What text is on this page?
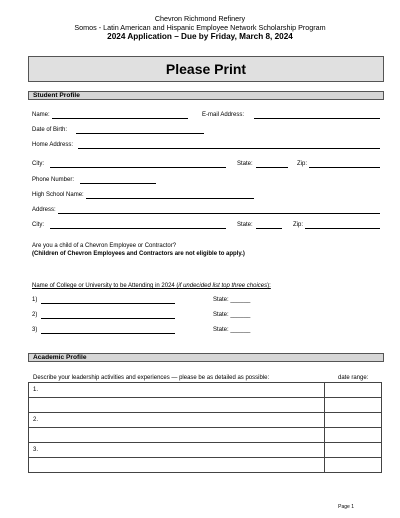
Chevron Richmond Refinery
Somos - Latin American and Hispanic Employee Network Scholarship Program
2024 Application – Due by Friday, March 8, 2024
Please Print
Student Profile
Name:	E-mail Address:
Date of Birth:
Home Address:
City:	State:	Zip:
Phone Number:
High School Name:
Address:
City:	State:	Zip:
Are you a child of a Chevron Employee or Contractor?
(Children of Chevron Employees and Contractors are not eligible to apply.)
Name of College or University to be Attending in 2024 (if undecided list top three choices):
1)	State: ______
2)	State: ______
3)	State: ______
Academic Profile
Describe your leadership activities and experiences — please be as detailed as possible:	date range:
1.	

2.	

3.	

Page 1
